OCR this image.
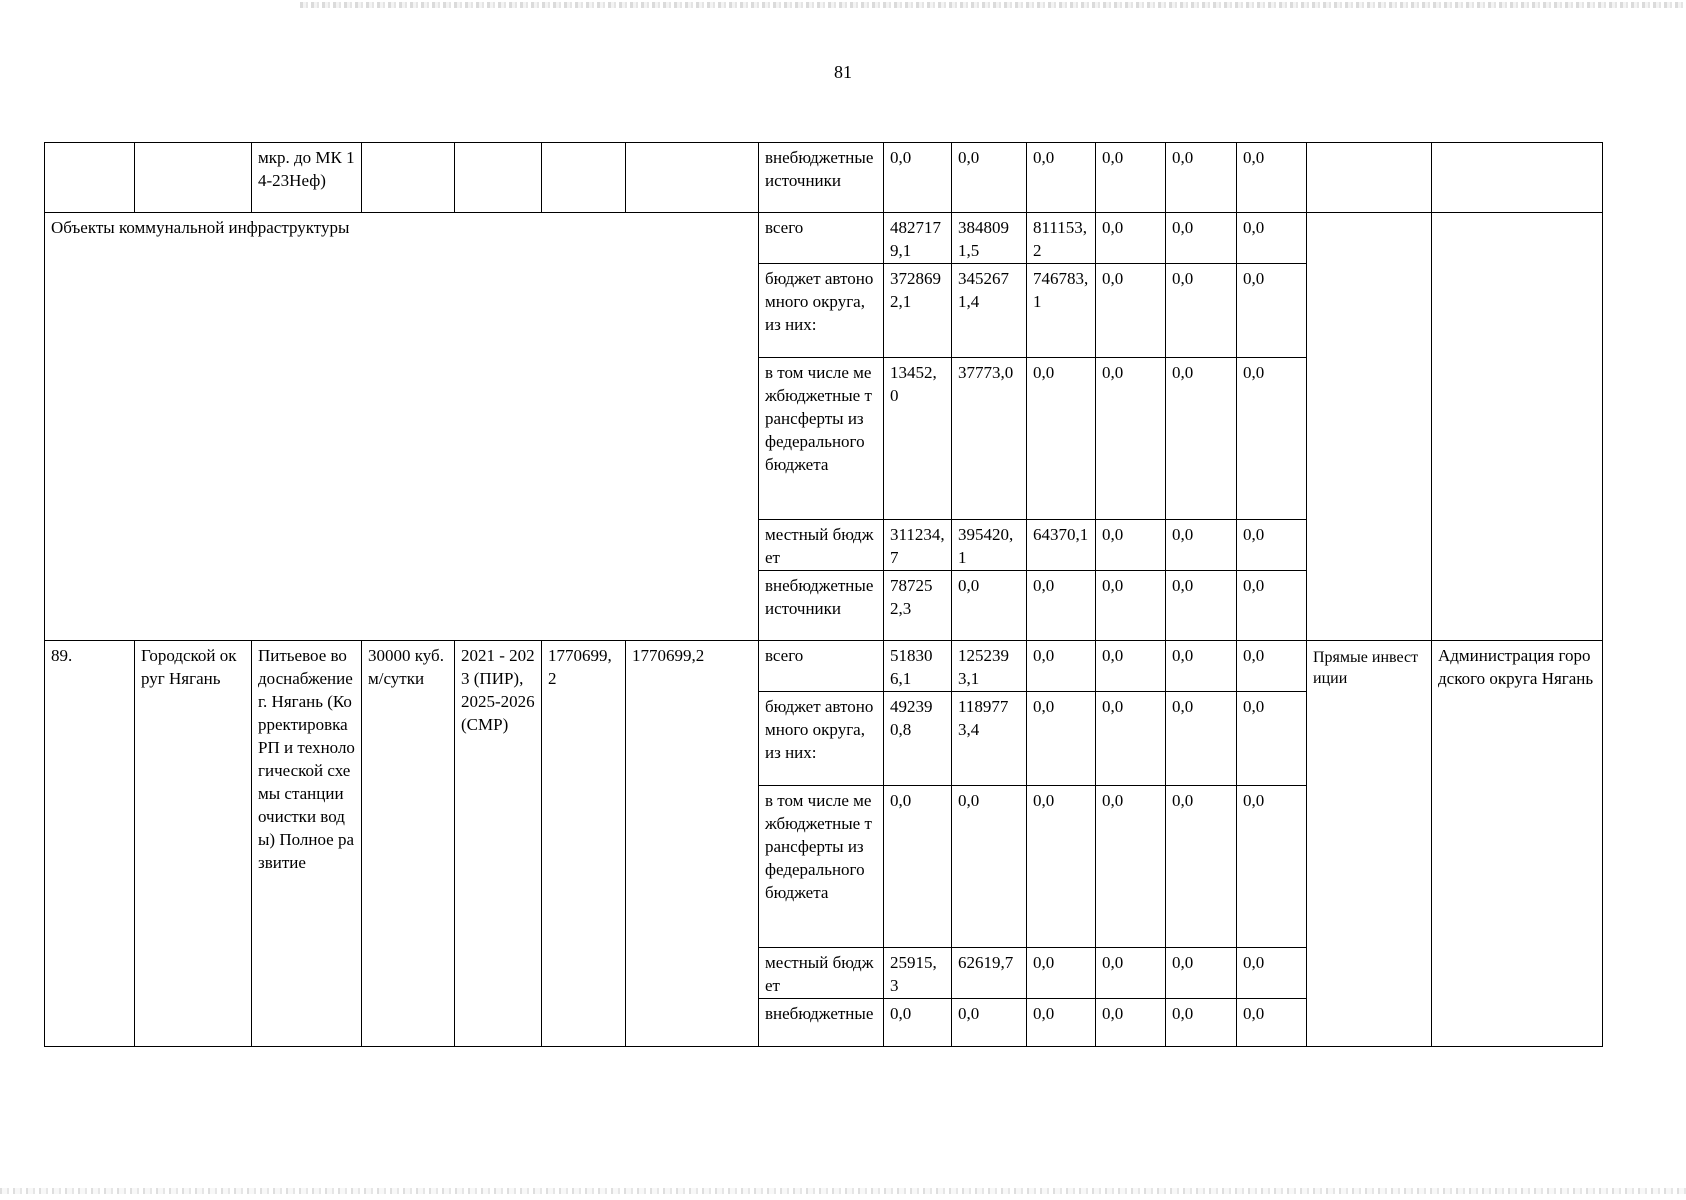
81
		мкр. до МК 14-23Неф)					внебюджетные источники	0,0	0,0	0,0	0,0	0,0	0,0		
Объекты коммунальной инфраструктуры							всего	4827179,1	3848091,5	811153,2	0,0	0,0	0,0		
							бюджет автономного округа, из них:	3728692,1	3452671,4	746783,1	0,0	0,0	0,0		
							в том числе межбюджетные трансферты из федерального бюджета	13452,0	37773,0	0,0	0,0	0,0	0,0		
							местный бюджет	311234,7	395420,1	64370,1	0,0	0,0	0,0		
							внебюджетные источники	787252,3	0,0	0,0	0,0	0,0	0,0		
89.	Городской округ Нягань	Питьевое водоснабжение г. Нягань (Корректировка РП и технологической схемы станции очистки воды) Полное развитие	30000 куб. м/сутки	2021 - 2023 (ПИР), 2025-2026 (СМР)	1770699,2	1770699,2	всего	518306,1	1252393,1	0,0	0,0	0,0	0,0	Прямые инвестиции	Администрация городского округа Нягань
							бюджет автономного округа, из них:	492390,8	1189773,4	0,0	0,0	0,0	0,0		
							в том числе межбюджетные трансферты из федерального бюджета	0,0	0,0	0,0	0,0	0,0	0,0		
							местный бюджет	25915,3	62619,7	0,0	0,0	0,0	0,0		
							внебюджетные	0,0	0,0	0,0	0,0	0,0	0,0		
